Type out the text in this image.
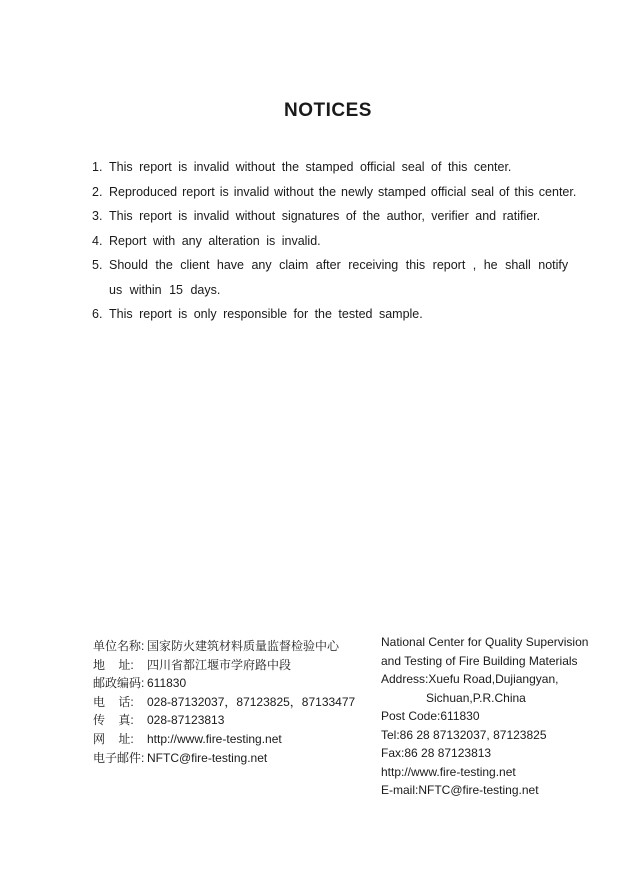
NOTICES
1. This report is invalid without the stamped official seal of this center.
2. Reproduced report is invalid without the newly stamped official seal of this center.
3. This report is invalid without signatures of the author, verifier and ratifier.
4. Report with any alteration is invalid.
5. Should the client have any claim after receiving this report , he shall notify us within 15 days.
6. This report is only responsible for the tested sample.
单位名称: 国家防火建筑材料质量监督检验中心
地    址: 四川省都江堰市学府路中段
邮政编码: 611830
电    话: 028-87132037，87123825，87133477
传    真: 028-87123813
网    址: http://www.fire-testing.net
电子邮件: NFTC@fire-testing.net
National Center for Quality Supervision
and Testing of Fire Building Materials
Address:Xuefu Road,Dujiangyan,
Sichuan,P.R.China
Post Code:611830
Tel:86 28 87132037, 87123825
Fax:86 28 87123813
http://www.fire-testing.net
E-mail:NFTC@fire-testing.net
